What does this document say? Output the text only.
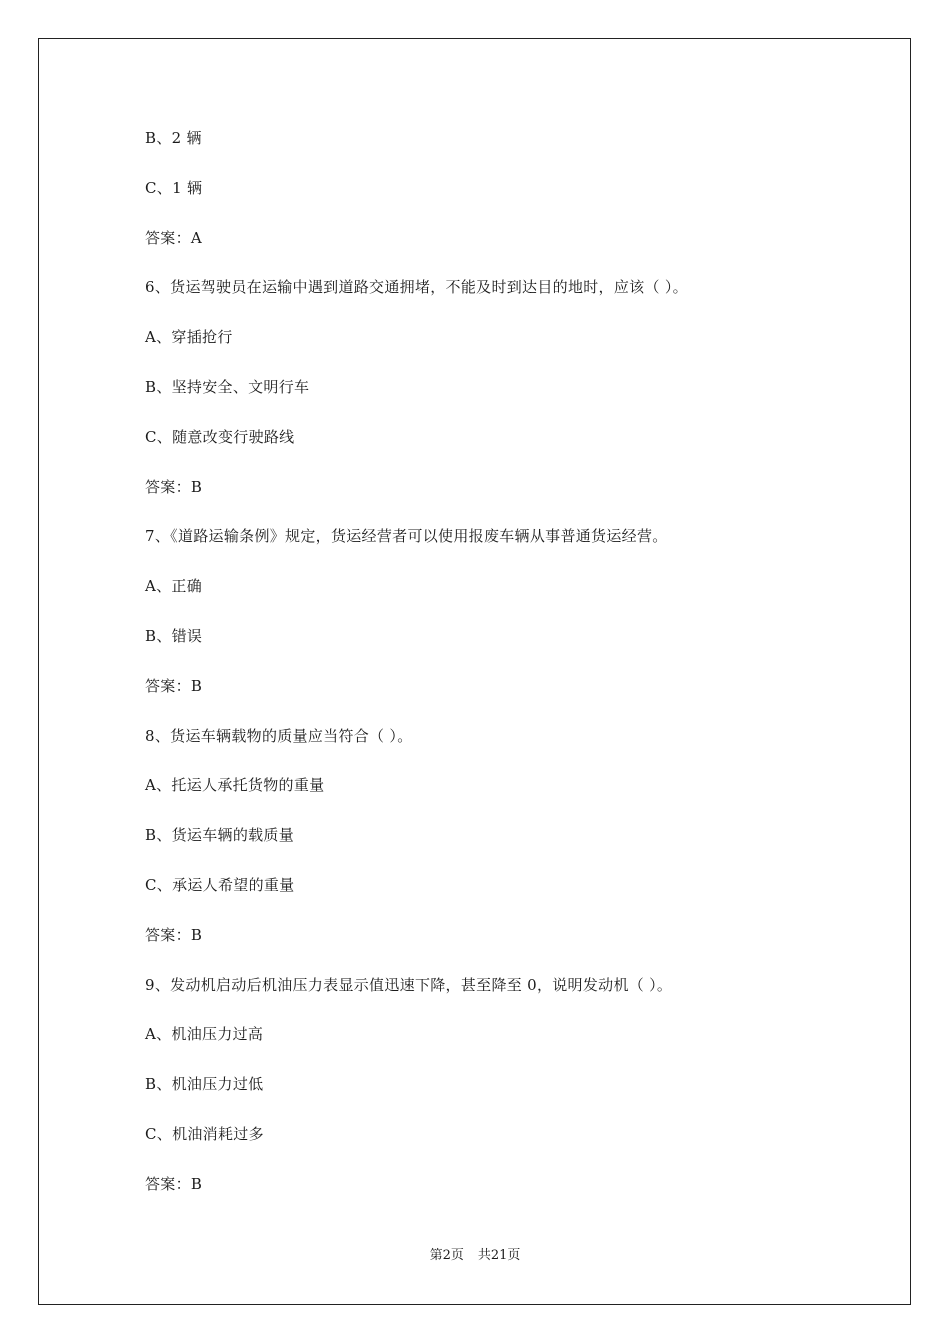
B、2 辆
C、1 辆
答案：A
6、货运驾驶员在运输中遇到道路交通拥堵，不能及时到达目的地时，应该（ ）。
A、穿插抢行
B、坚持安全、文明行车
C、随意改变行驶路线
答案：B
7、《道路运输条例》规定，货运经营者可以使用报废车辆从事普通货运经营。
A、正确
B、错误
答案：B
8、货运车辆载物的质量应当符合（ ）。
A、托运人承托货物的重量
B、货运车辆的载质量
C、承运人希望的重量
答案：B
9、发动机启动后机油压力表显示值迅速下降，甚至降至 0，说明发动机（ ）。
A、机油压力过高
B、机油压力过低
C、机油消耗过多
答案：B
第2页 共21页
